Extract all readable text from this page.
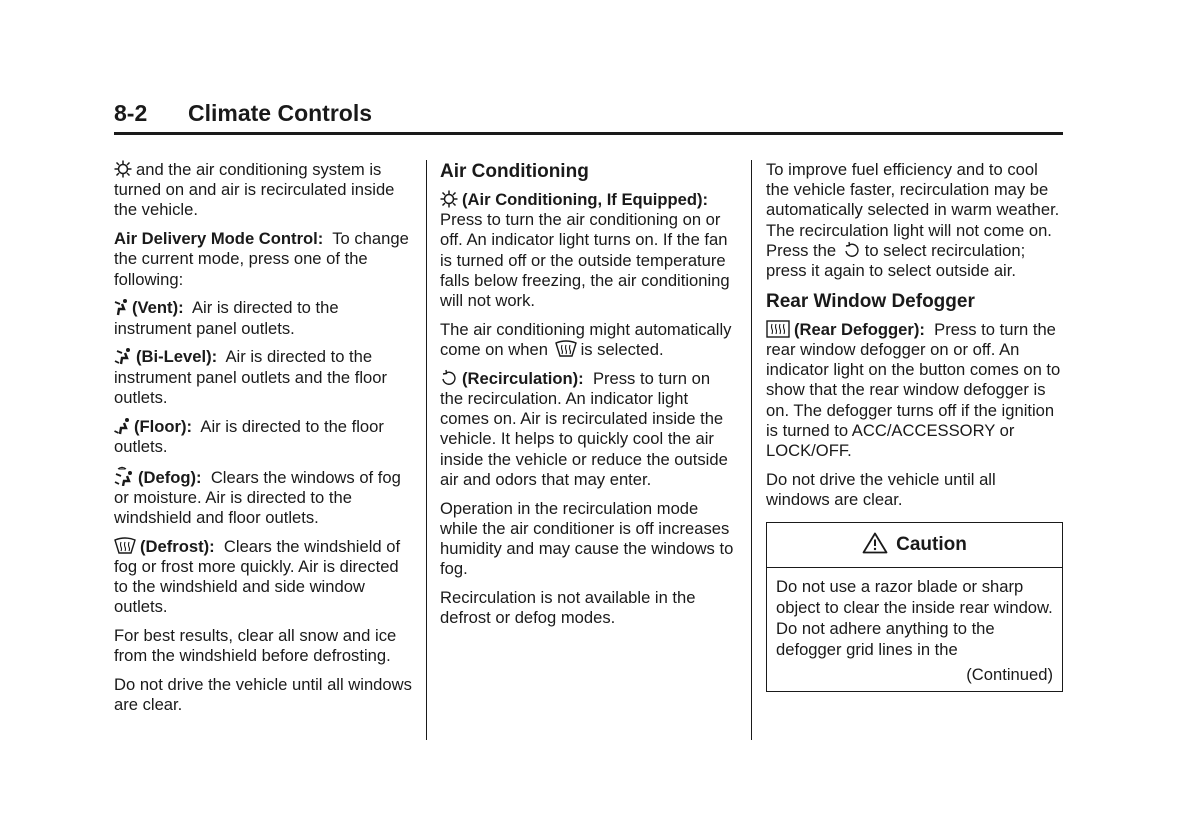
8-2 Climate Controls

and the air conditioning system is turned on and air is recirculated inside the vehicle.

Air Delivery Mode Control: To change the current mode, press one of the following:

(Vent): Air is directed to the instrument panel outlets.

(Bi-Level): Air is directed to the instrument panel outlets and the floor outlets.

(Floor): Air is directed to the floor outlets.

(Defog): Clears the windows of fog or moisture. Air is directed to the windshield and floor outlets.

(Defrost): Clears the windshield of fog or frost more quickly. Air is directed to the windshield and side window outlets.

For best results, clear all snow and ice from the windshield before defrosting.

Do not drive the vehicle until all windows are clear.

Air Conditioning

(Air Conditioning, If Equipped):  Press to turn the air conditioning on or off. An indicator light turns on. If the fan is turned off or the outside temperature falls below freezing, the air conditioning will not work.

The air conditioning might automatically come on when is selected.

(Recirculation): Press to turn on the recirculation. An indicator light comes on. Air is recirculated inside the vehicle. It helps to quickly cool the air inside the vehicle or reduce the outside air and odors that may enter.

Operation in the recirculation mode while the air conditioner is off increases humidity and may cause the windows to fog.

Recirculation is not available in the defrost or defog modes.

To improve fuel efficiency and to cool the vehicle faster, recirculation may be automatically selected in warm weather. The recirculation light will not come on. Press the to select recirculation; press it again to select outside air.

Rear Window Defogger

(Rear Defogger): Press to turn the rear window defogger on or off. An indicator light on the button comes on to show that the rear window defogger is on. The defogger turns off if the ignition is turned to ACC/ACCESSORY or LOCK/OFF.

Do not drive the vehicle until all windows are clear.

Caution
Do not use a razor blade or sharp object to clear the inside rear window. Do not adhere anything to the defogger grid lines in the
(Continued)
